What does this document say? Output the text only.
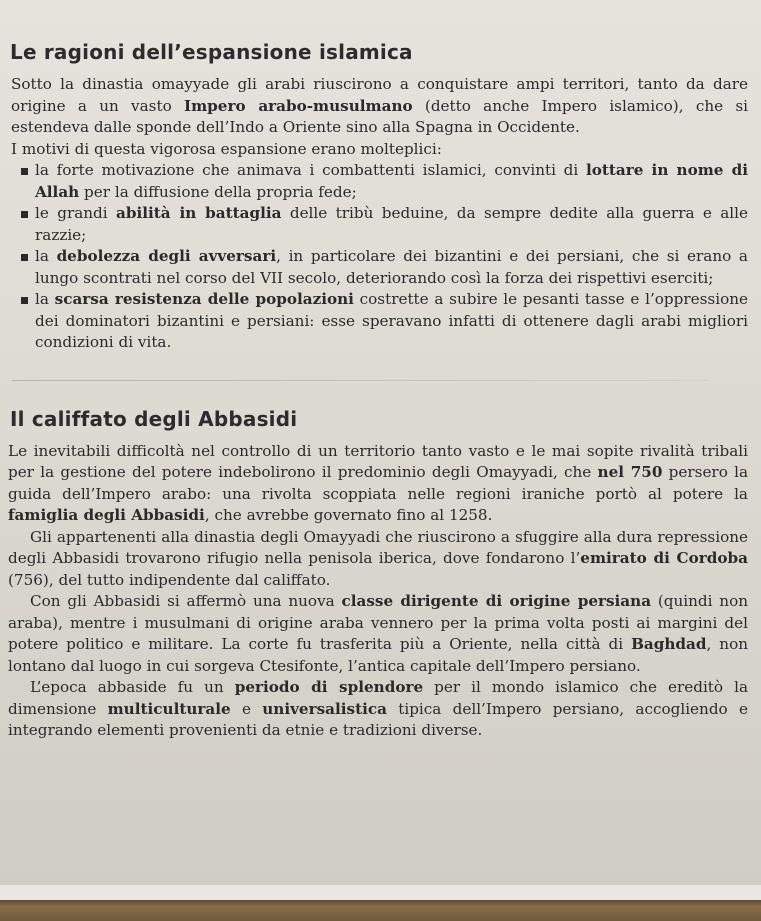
Le ragioni dell’espansione islamica

Sotto la dinastia omayyade gli arabi riuscirono a conquistare ampi territori, tanto da dare origine a un vasto Impero arabo-musulmano (detto anche Impero islamico), che si estendeva dalle sponde dell’Indo a Oriente sino alla Spagna in Occidente.

I motivi di questa vigorosa espansione erano molteplici:

la forte motivazione che animava i combattenti islamici, convinti di lottare in nome di Allah per la diffusione della propria fede;
le grandi abilità in battaglia delle tribù beduine, da sempre dedite alla guerra e alle razzie;
la debolezza degli avversari, in particolare dei bizantini e dei persiani, che si erano a lungo scontrati nel corso del VII secolo, deteriorando così la forza dei rispettivi eserciti;
la scarsa resistenza delle popolazioni costrette a subire le pesanti tasse e l’oppressione dei dominatori bizantini e persiani: esse speravano infatti di ottenere dagli arabi migliori condizioni di vita.
Il califfato degli Abbasidi

Le inevitabili difficoltà nel controllo di un territorio tanto vasto e le mai sopite rivalità tribali per la gestione del potere indebolirono il predominio degli Omayyadi, che nel 750 persero la guida dell’Impero arabo: una rivolta scoppiata nelle regioni iraniche portò al potere la famiglia degli Abbasidi, che avrebbe governato fino al 1258.

Gli appartenenti alla dinastia degli Omayyadi che riuscirono a sfuggire alla dura repressione degli Abbasidi trovarono rifugio nella penisola iberica, dove fondarono l’emirato di Cordoba (756), del tutto indipendente dal califfato.

Con gli Abbasidi si affermò una nuova classe dirigente di origine persiana (quindi non araba), mentre i musulmani di origine araba vennero per la prima volta posti ai margini del potere politico e militare. La corte fu trasferita più a Oriente, nella città di Baghdad, non lontano dal luogo in cui sorgeva Ctesifonte, l’antica capitale dell’Impero persiano.

L’epoca abbaside fu un periodo di splendore per il mondo islamico che ereditò la dimensione multiculturale e universalistica tipica dell’Impero persiano, accogliendo e integrando elementi provenienti da etnie e tradizioni diverse.
